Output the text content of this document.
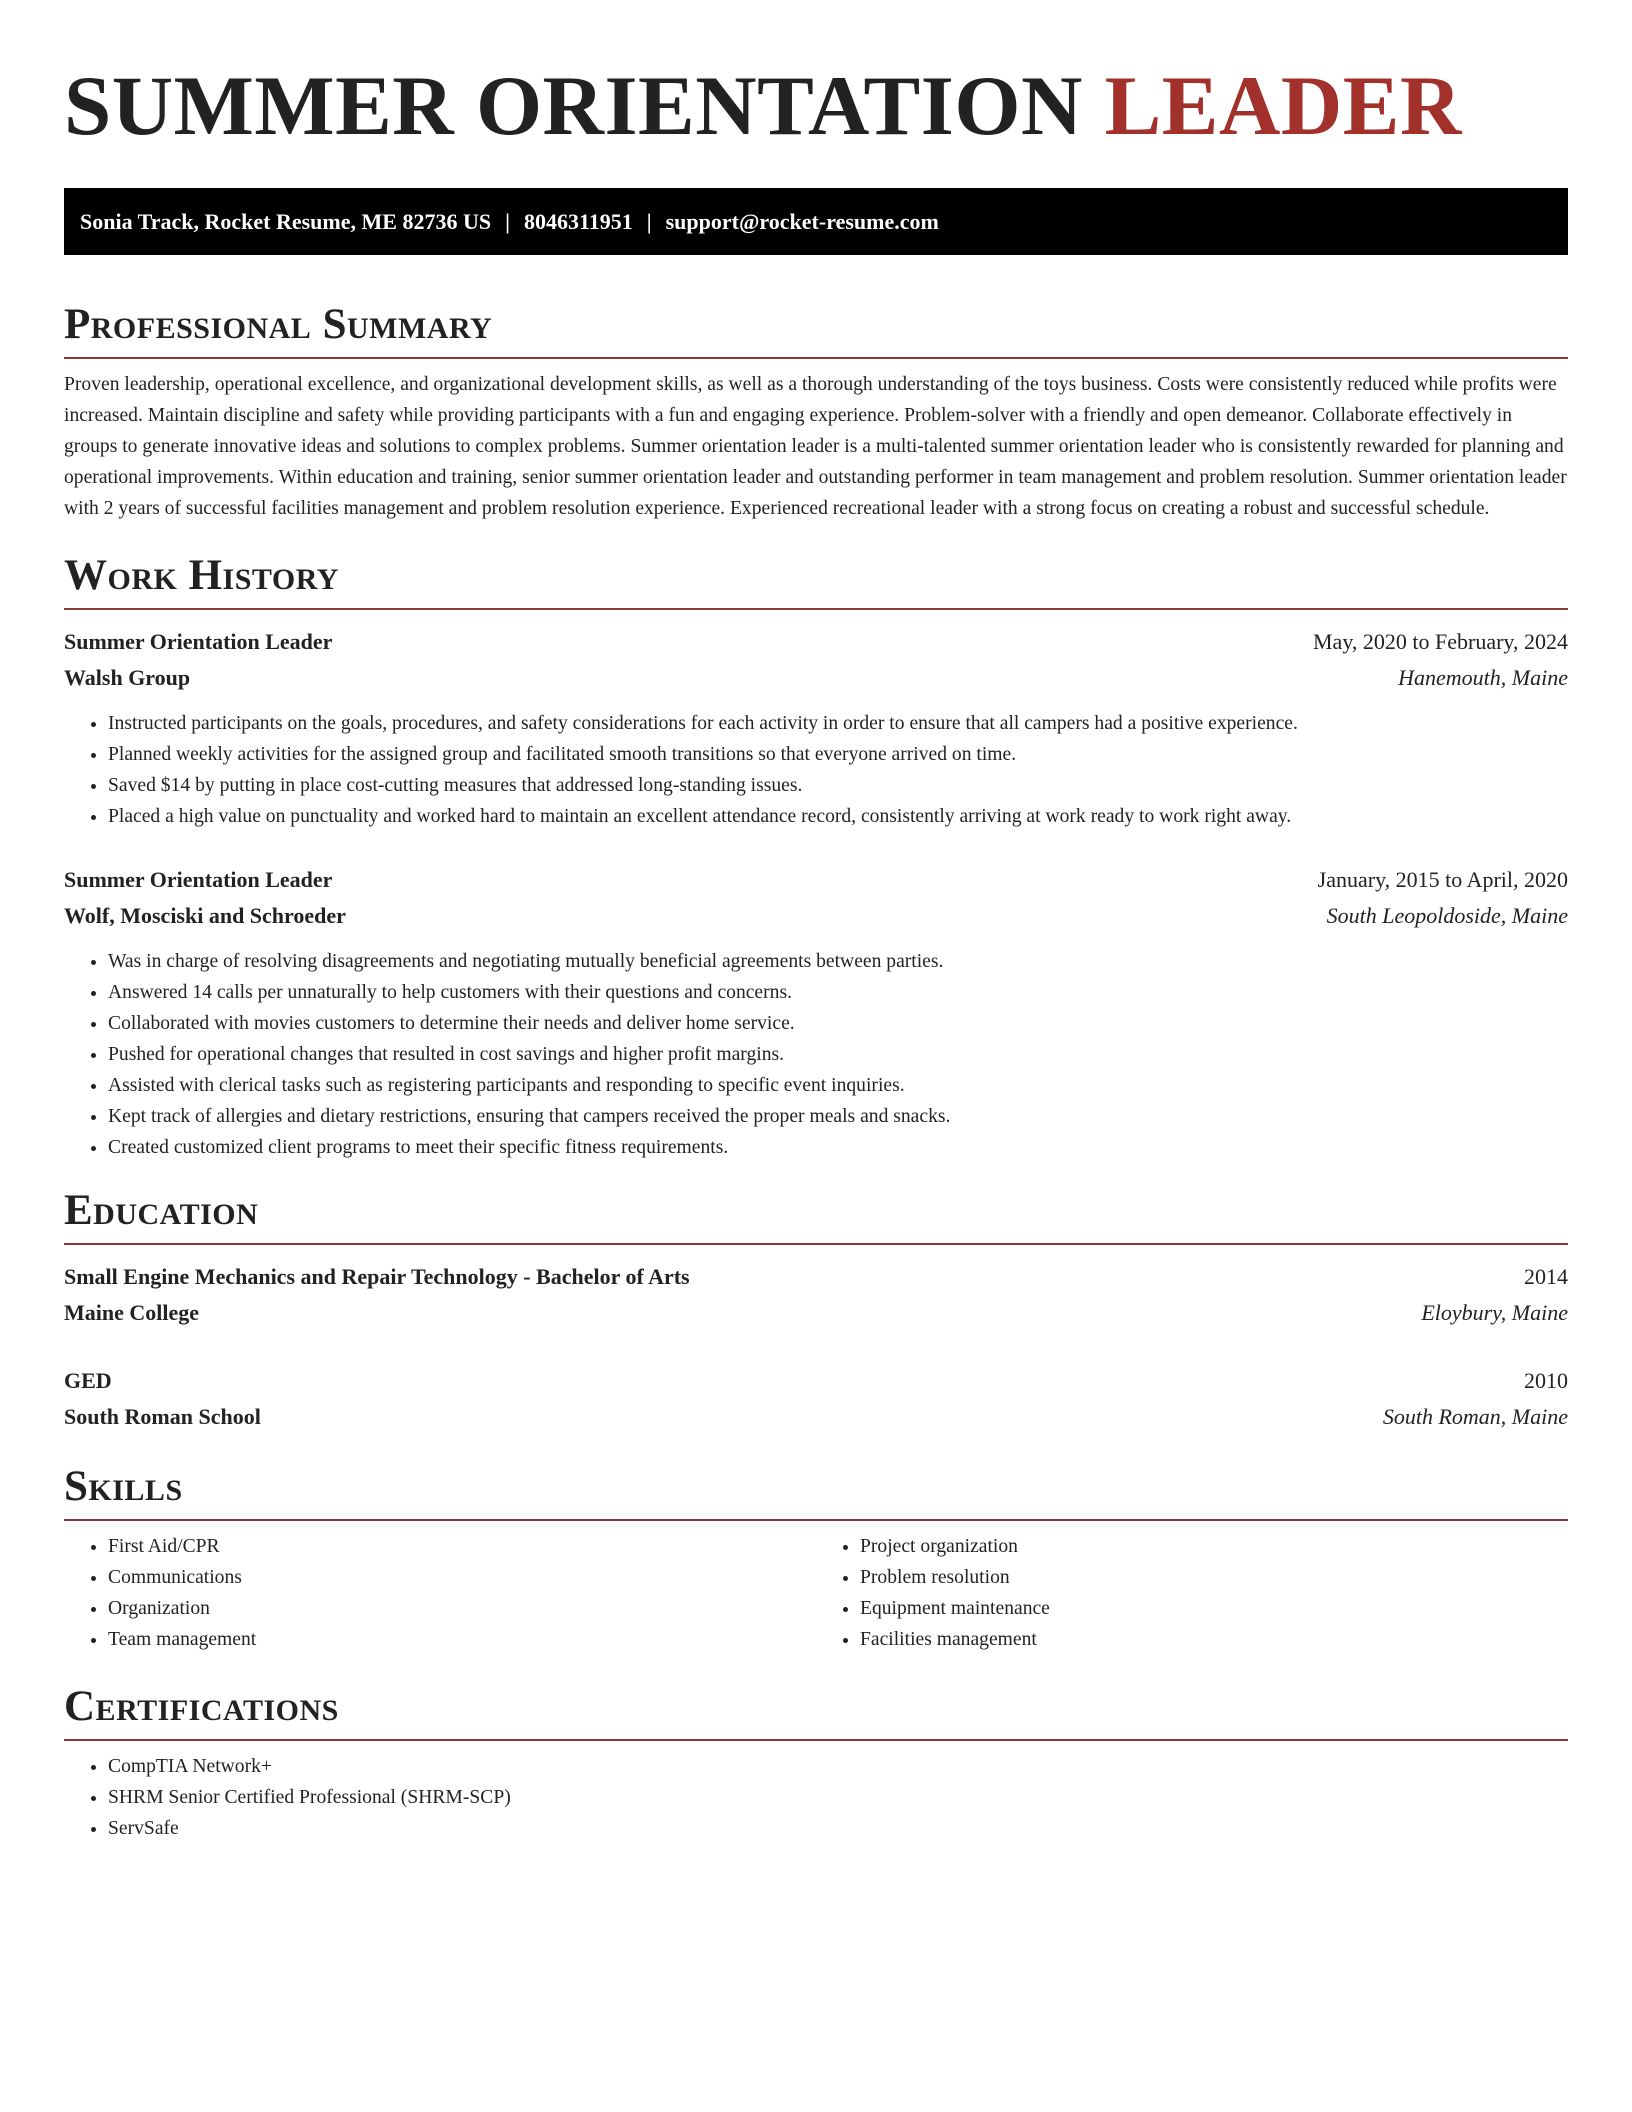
SUMMER ORIENTATION LEADER
Sonia Track, Rocket Resume, ME 82736 US | 8046311951 | support@rocket-resume.com
Professional Summary

Proven leadership, operational excellence, and organizational development skills, as well as a thorough understanding of the toys business. Costs were consistently reduced while profits were increased. Maintain discipline and safety while providing participants with a fun and engaging experience. Problem-solver with a friendly and open demeanor. Collaborate effectively in groups to generate innovative ideas and solutions to complex problems. Summer orientation leader is a multi-talented summer orientation leader who is consistently rewarded for planning and operational improvements. Within education and training, senior summer orientation leader and outstanding performer in team management and problem resolution. Summer orientation leader with 2 years of successful facilities management and problem resolution experience. Experienced recreational leader with a strong focus on creating a robust and successful schedule.

Work History
Summer Orientation Leader	May, 2020 to February, 2024
Walsh Group	Hanemouth, Maine
• Instructed participants on the goals, procedures, and safety considerations for each activity in order to ensure that all campers had a positive experience.
• Planned weekly activities for the assigned group and facilitated smooth transitions so that everyone arrived on time.
• Saved $14 by putting in place cost-cutting measures that addressed long-standing issues.
• Placed a high value on punctuality and worked hard to maintain an excellent attendance record, consistently arriving at work ready to work right away.
Summer Orientation Leader	January, 2015 to April, 2020
Wolf, Mosciski and Schroeder	South Leopoldoside, Maine
• Was in charge of resolving disagreements and negotiating mutually beneficial agreements between parties.
• Answered 14 calls per unnaturally to help customers with their questions and concerns.
• Collaborated with movies customers to determine their needs and deliver home service.
• Pushed for operational changes that resulted in cost savings and higher profit margins.
• Assisted with clerical tasks such as registering participants and responding to specific event inquiries.
• Kept track of allergies and dietary restrictions, ensuring that campers received the proper meals and snacks.
• Created customized client programs to meet their specific fitness requirements.
Education
Small Engine Mechanics and Repair Technology - Bachelor of Arts	2014
Maine College	Eloybury, Maine
GED	2010
South Roman School	South Roman, Maine
Skills
• First Aid/CPR
• Communications
• Organization
• Team management
• Project organization
• Problem resolution
• Equipment maintenance
• Facilities management
Certifications
• CompTIA Network+
• SHRM Senior Certified Professional (SHRM-SCP)
• ServSafe
